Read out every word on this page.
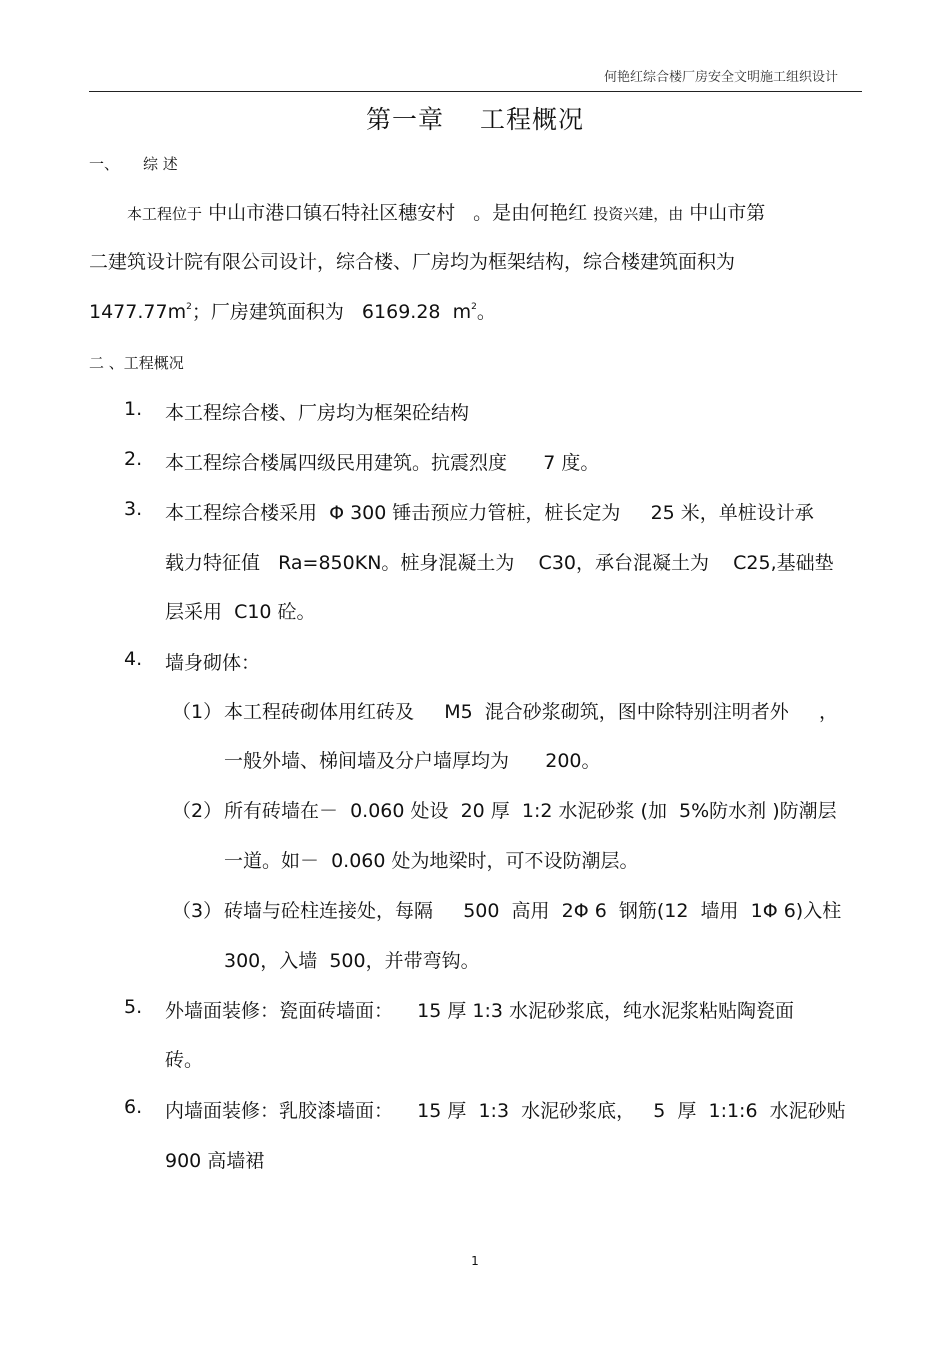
何艳红综合楼厂房安全文明施工组织设计
第一章 工程概况
一、 综 述
本工程位于 中山市港口镇石特社区穗安村   。是由何艳红 投资兴建，由 中山市第
二建筑设计院有限公司设计，综合楼、厂房均为框架结构，综合楼建筑面积为
$1477.77m^2$；厂房建筑面积为   6169.28  $m^2$。
二 、工程概况
1. 本工程综合楼、厂房均为框架砼结构
2. 本工程综合楼属四级民用建筑。抗震烈度      7 度。
3. 本工程综合楼采用  Φ 300 锤击预应力管桩，桩长定为     25 米，单桩设计承
载力特征值   Ra=850KN。桩身混凝土为    C30，承台混凝土为    C25,基础垫
层采用  C10 砼。
4. 墙身砌体：
（1） 本工程砖砌体用红砖及     M5  混合砂浆砌筑，图中除特别注明者外     ，
一般外墙、梯间墙及分户墙厚均为      200。
（2） 所有砖墙在－  0.060 处设  20 厚  1:2 水泥砂浆 (加  5%防水剂 )防潮层
一道。如－  0.060 处为地梁时，可不设防潮层。
（3） 砖墙与砼柱连接处，每隔     500  高用  2Φ 6  钢筋(12  墙用  1Φ 6)入柱
300，入墙  500，并带弯钩。
5. 外墙面装修：瓷面砖墙面：    15 厚 1:3 水泥砂浆底，纯水泥浆粘贴陶瓷面
砖。
6. 内墙面装修：乳胶漆墙面：    15 厚  1:3  水泥砂浆底，   5  厚  1:1:6  水泥砂贴
900 高墙裙
1
